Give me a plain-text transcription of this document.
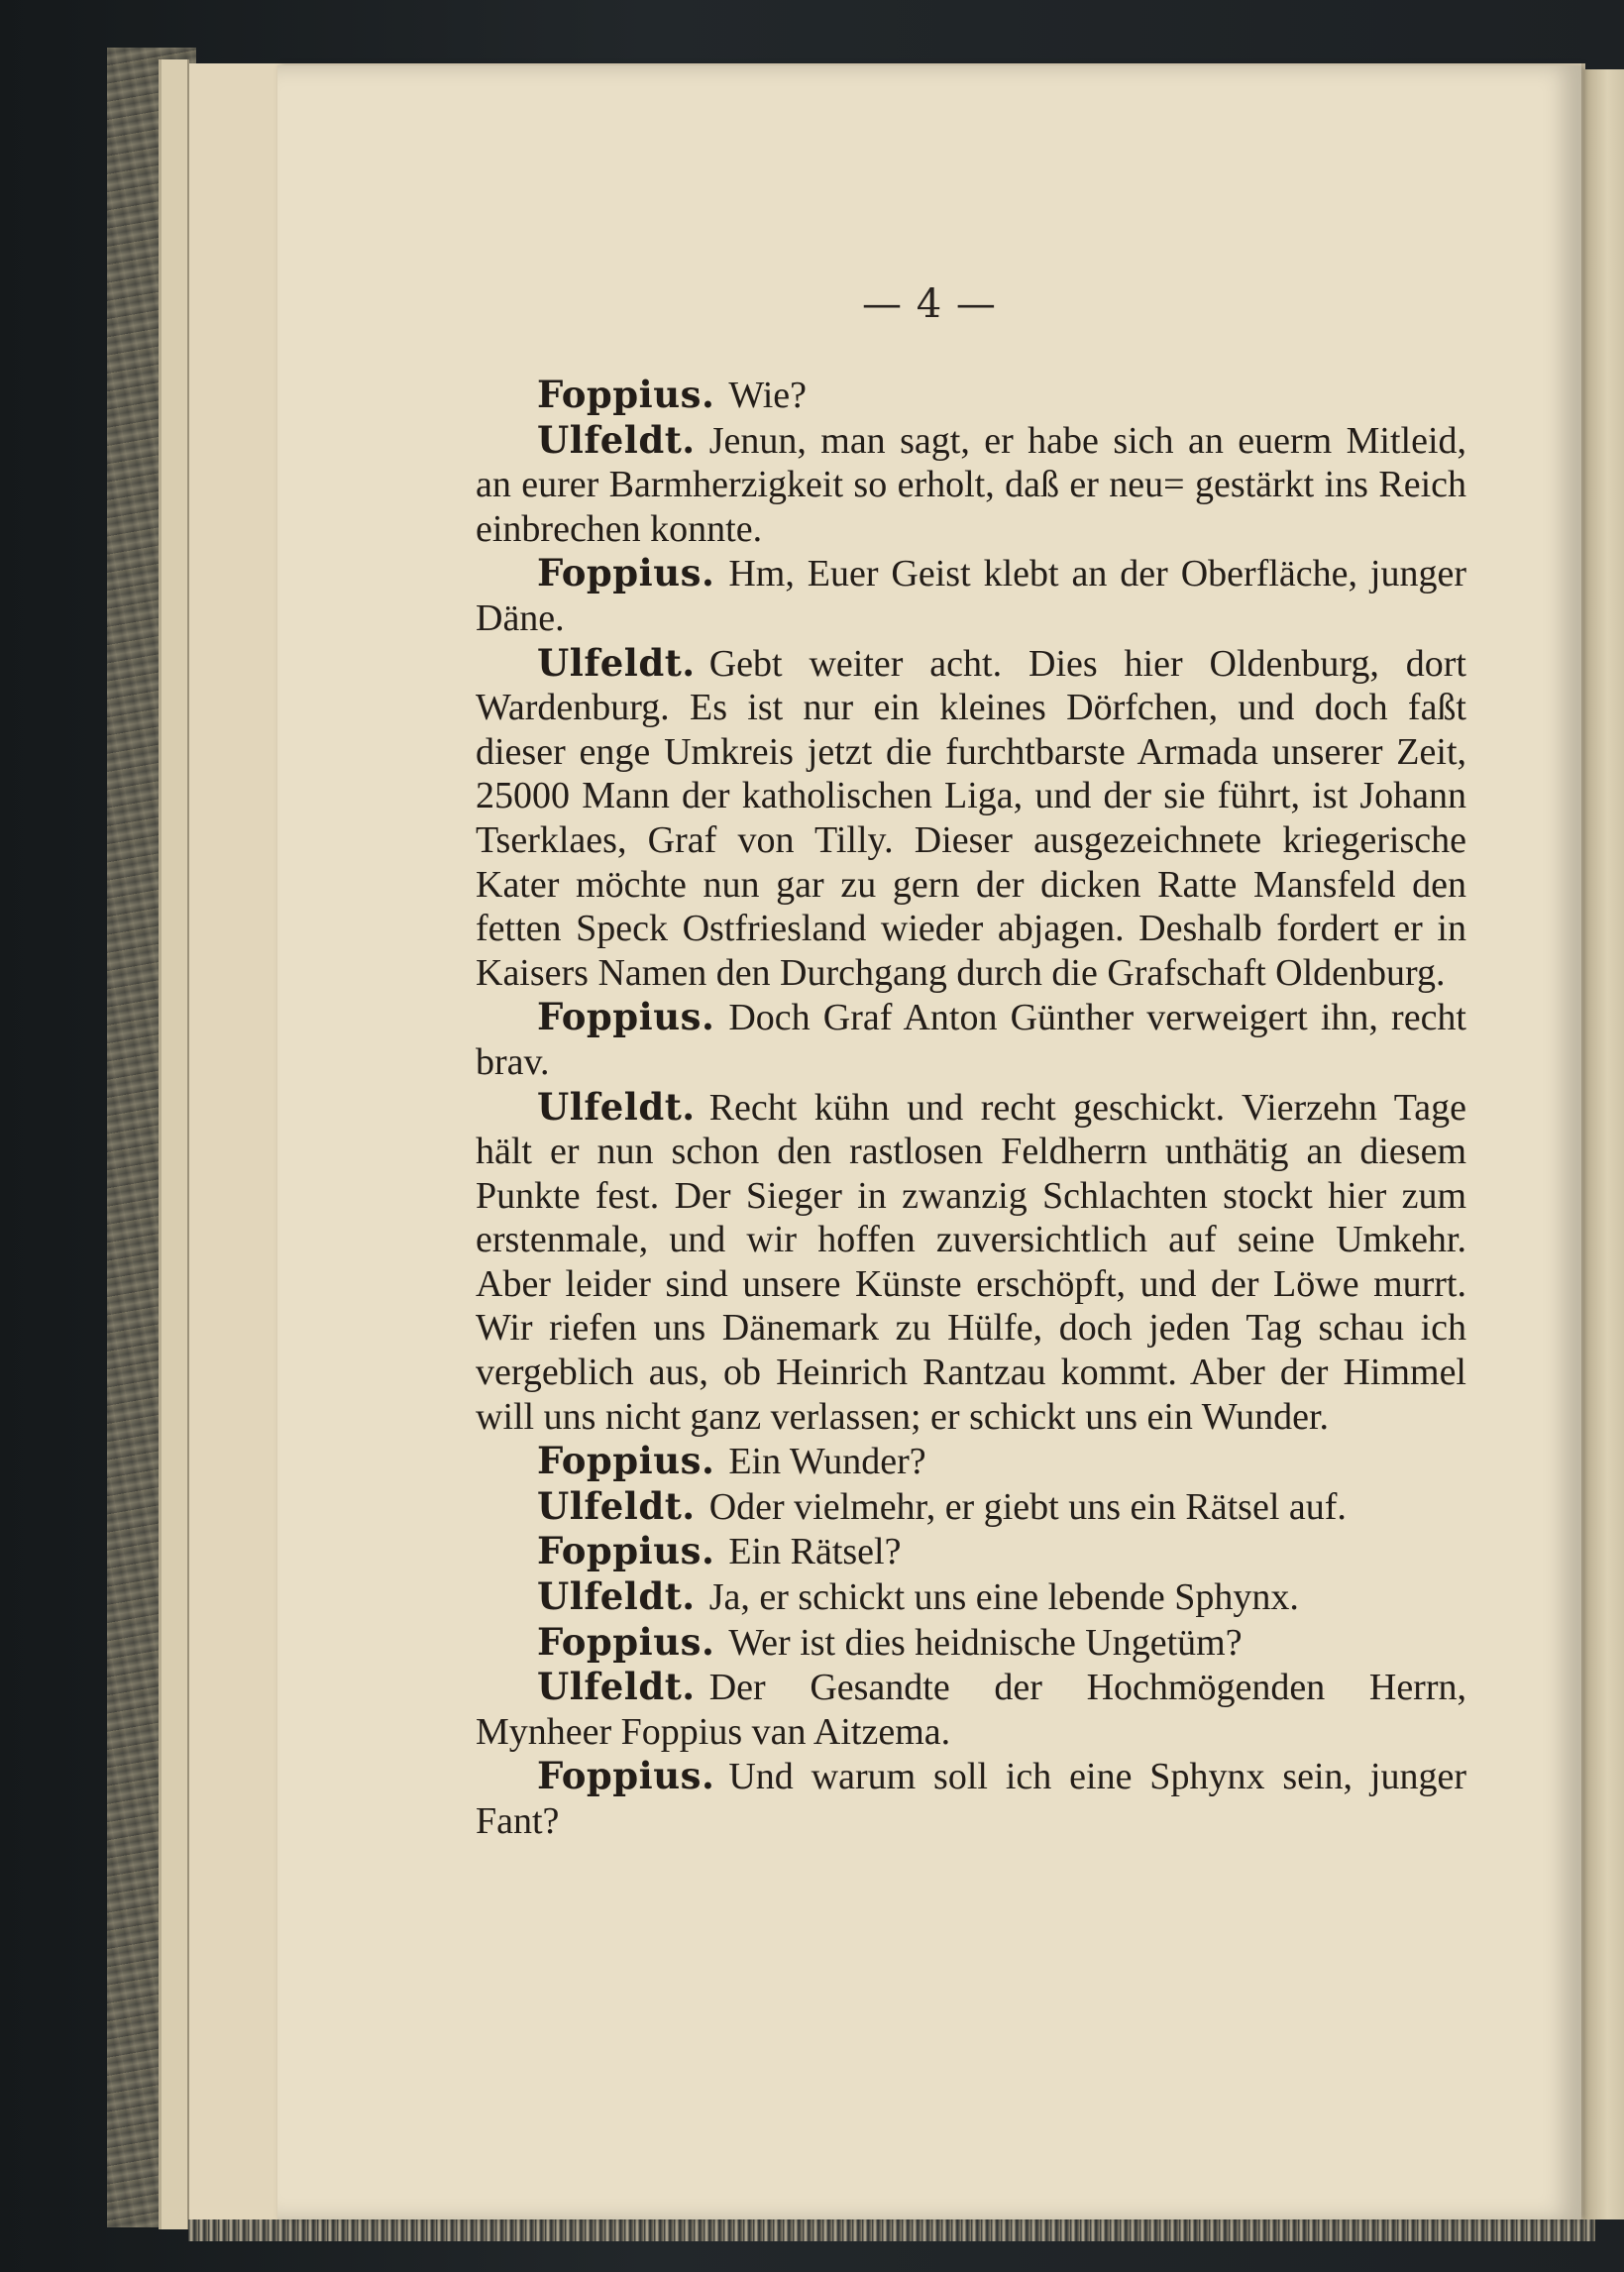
— 4 —

Foppius. Wie?

Ulfeldt. Jenun, man sagt, er habe sich an euerm Mitleid, an eurer Barmherzigkeit so erholt, daß er neu= gestärkt ins Reich einbrechen konnte.

Foppius. Hm, Euer Geist klebt an der Oberfläche, junger Däne.

Ulfeldt. Gebt weiter acht. Dies hier Oldenburg, dort Wardenburg. Es ist nur ein kleines Dörfchen, und doch faßt dieser enge Umkreis jetzt die furchtbarste Armada unserer Zeit, 25000 Mann der katholischen Liga, und der sie führt, ist Johann Tserklaes, Graf von Tilly. Dieser ausgezeichnete kriegerische Kater möchte nun gar zu gern der dicken Ratte Mansfeld den fetten Speck Ostfriesland wieder abjagen. Deshalb fordert er in Kaisers Namen den Durchgang durch die Grafschaft Oldenburg.

Foppius. Doch Graf Anton Günther verweigert ihn, recht brav.

Ulfeldt. Recht kühn und recht geschickt. Vierzehn Tage hält er nun schon den rastlosen Feldherrn unthätig an diesem Punkte fest. Der Sieger in zwanzig Schlachten stockt hier zum erstenmale, und wir hoffen zuversichtlich auf seine Umkehr. Aber leider sind unsere Künste erschöpft, und der Löwe murrt. Wir riefen uns Dänemark zu Hülfe, doch jeden Tag schau ich vergeblich aus, ob Heinrich Rantzau kommt. Aber der Himmel will uns nicht ganz verlassen; er schickt uns ein Wunder.

Foppius. Ein Wunder?

Ulfeldt. Oder vielmehr, er giebt uns ein Rätsel auf.

Foppius. Ein Rätsel?

Ulfeldt. Ja, er schickt uns eine lebende Sphynx.

Foppius. Wer ist dies heidnische Ungetüm?

Ulfeldt. Der Gesandte der Hochmögenden Herrn, Mynheer Foppius van Aitzema.

Foppius. Und warum soll ich eine Sphynx sein, junger Fant?
